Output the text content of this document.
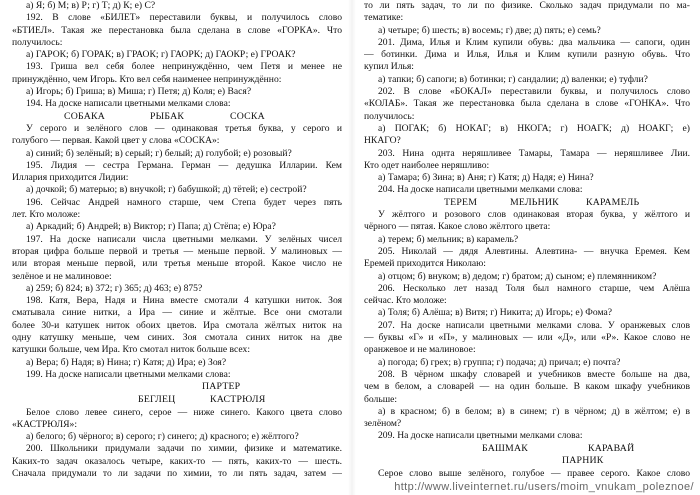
а) Я; б) М; в) Р; г) Т; д) К; е) С?
192. В слове «БИЛЕТ» переставили буквы, и получилось слово
«БТИЕЛ». Такая же перестановка была сделана в слове «ГОРКА». Что
получилось:
а) ГАРОК; б) ГОРАК; в) ГРАОК; г) ГАОРК; д) ГАОКР; е) ГРОАК?
193. Гриша вел себя более непринуждённо, чем Петя и менее не
принуждённо, чем Игорь. Кто вел себя наименее непринуждённо:
а) Игорь; б) Гриша; в) Миша; г) Петя; д) Коля; е) Вася?
194. На доске написали цветными мелками слова:
СОБАКА	РЫБАК	СОСКА
У серого и зелёного слов — одинаковая третья буква, у серого и
голубого — первая. Какой цвет у слова «СОСКА»:
а) синий; б) зелёный; в) серый; г) белый; д) голубой; е) розовый?
195. Лидия — сестра Германа. Герман — дедушка Илларии. Кем
Иллария приходится Лидии:
а) дочкой; б) матерью; в) внучкой; г) бабушкой; д) тётей; е) сестрой?
196. Сейчас Андрей намного старше, чем Степа будет через пять
лет. Кто моложе:
а) Аркадий; б) Андрей; в) Виктор; г) Папа; д) Стёпа; е) Юра?
197. На доске написали числа цветными мелками. У зелёных чисел
вторая цифра больше первой и третья — меньше первой. У малиновых —
или вторая меньше первой, или третья меньше второй. Какое число не
зелёное и не малиновое:
а) 259; б) 824; в) 372; г) 365; д) 463; е) 875?
198. Катя, Вера, Надя и Нина вместе смотали 4 катушки ниток. Зоя
сматывала синие нитки, а Ира — синие и жёлтые. Все они смотали
более 30-и катушек ниток обоих цветов. Ира смотала жёлтых ниток на
одну катушку меньше, чем синих. Зоя смотала синих ниток на две
катушки больше, чем Ира. Кто смотал ниток больше всех:
а) Вера; б) Надя; в) Нина; г) Катя; д) Ира; е) Зоя?
199. На доске написали цветными мелками слова:
ПАРТЕР
БЕГЛЕЦ	КАСТРЮЛЯ
Белое слово левее синего, серое — ниже синего. Какого цвета слово
«КАСТРЮЛЯ»:
а) белого; б) чёрного; в) серого; г) синего; д) красного; е) жёлтого?
200. Школьники придумали задачи по химии, физике и математике.
Каких-то задач оказалось четыре, каких-то — пять, каких-то — шесть.
Сначала придумали то ли задачи по химии, то ли пять задач, затем —
то ли пять задач, то ли по физике. Сколько задач придумали по ма-
тематике:
а) четыре; б) шесть; в) восемь; г) две; д) пять; е) семь?
201. Дима, Илья и Клим купили обувь: два мальчика — сапоги, один
— ботинки. Дима и Илья, Илья и Клим купили разную обувь. Что
купил Илья:
а) тапки; б) сапоги; в) ботинки; г) сандалии; д) валенки; е) туфли?
202. В слове «БОКАЛ» переставили буквы, и получилось слово
«КОЛАБ». Такая же перестановка была сделана в слове «ГОНКА». Что
получилось:
а) ПОГАК; б) НОКАГ; в) НКОГА; г) НОАГК; д) НОАКГ; е)
НКАГО?
203. Нина однта неряшливее Тамары, Тамара — неряшливее Лии.
Кто одет наиболее неряшливо:
а) Тамара; б) Зина; в) Аня; г) Катя; д) Надя; е) Нина?
204. На доске написали цветными мелками слова:
ТЕРЕМ	МЕЛЬНИК	КАРАМЕЛЬ
У жёлтого и розового слов одинаковая вторая буква, у жёлтого и
чёрного — пятая. Какое слово жёлтого цвета:
а) терем; б) мельник; в) карамель?
205. Николай — дядя Алевтины. Алевтина- — внучка Еремея. Кем
Еремей приходится Николаю:
а) отцом; б) внуком; в) дедом; г) братом; д) сыном; е) племянником?
206. Несколько лет назад Толя был намного старше, чем Алёша
сейчас. Кто моложе:
а) Толя; б) Алёша; в) Витя; г) Никита; д) Игорь; е) Фома?
207. На доске написали цветными мелками слова. У оранжевых слов
— буквы «Г» и «П», у малиновых — или «Д», или «Р». Какое слово не
оранжевое и не малиновое:
а) погода; б) грех; в) группа; г) подача; д) причал; е) почта?
208. В чёрном шкафу словарей и учебников вместе больше на два,
чем в белом, а словарей — на один больше. В каком шкафу учебников
больше:
а) в краснoм; б) в белом; в) в синем; г) в чёрном; д) в жёлтом; е) в
зелёном?
209. На доске написали цветными мелками слова:
БАШМАК	КАРАВАЙ
ПАРНИК
Серое слово выше зелёного, голубое — правее серого. Какое слово
http://www.liveinternet.ru/users/moim_vnukam_poleznoe/
